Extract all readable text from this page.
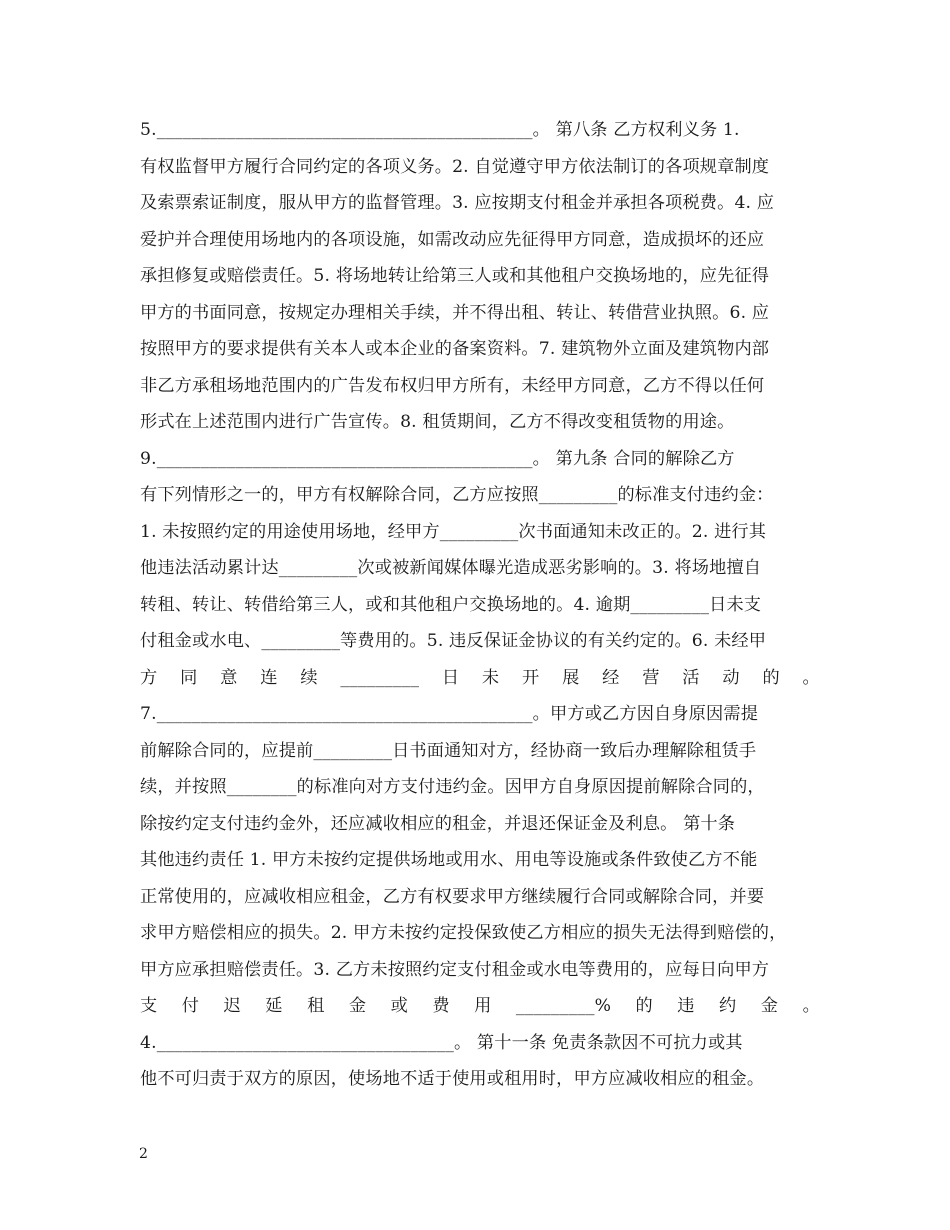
5.___________________________________________。 第八条 乙方权利义务 1.
有权监督甲方履行合同约定的各项义务。2. 自觉遵守甲方依法制订的各项规章制度
及索票索证制度，服从甲方的监督管理。3. 应按期支付租金并承担各项税费。4. 应
爱护并合理使用场地内的各项设施，如需改动应先征得甲方同意，造成损坏的还应
承担修复或赔偿责任。5. 将场地转让给第三人或和其他租户交换场地的，应先征得
甲方的书面同意，按规定办理相关手续，并不得出租、转让、转借营业执照。6. 应
按照甲方的要求提供有关本人或本企业的备案资料。7. 建筑物外立面及建筑物内部
非乙方承租场地范围内的广告发布权归甲方所有，未经甲方同意，乙方不得以任何
形式在上述范围内进行广告宣传。8. 租赁期间，乙方不得改变租赁物的用途。
9.___________________________________________。 第九条 合同的解除乙方
有下列情形之一的，甲方有权解除合同，乙方应按照_________的标准支付违约金：
1. 未按照约定的用途使用场地，经甲方_________次书面通知未改正的。2. 进行其
他违法活动累计达_________次或被新闻媒体曝光造成恶劣影响的。3. 将场地擅自
转租、转让、转借给第三人，或和其他租户交换场地的。4. 逾期_________日未支
付租金或水电、_________等费用的。5. 违反保证金协议的有关约定的。6. 未经甲
方 同 意 连 续 _________ 日 未 开 展 经 营 活 动 的 。
7.___________________________________________。甲方或乙方因自身原因需提
前解除合同的，应提前_________日书面通知对方，经协商一致后办理解除租赁手
续，并按照________的标准向对方支付违约金。因甲方自身原因提前解除合同的，
除按约定支付违约金外，还应减收相应的租金，并退还保证金及利息。 第十条
其他违约责任 1. 甲方未按约定提供场地或用水、用电等设施或条件致使乙方不能
正常使用的，应减收相应租金，乙方有权要求甲方继续履行合同或解除合同，并要
求甲方赔偿相应的损失。2. 甲方未按约定投保致使乙方相应的损失无法得到赔偿的，
甲方应承担赔偿责任。3. 乙方未按照约定支付租金或水电等费用的，应每日向甲方
支 付 迟 延 租 金 或 费 用 _________% 的 违 约 金 。
4.__________________________________。 第十一条 免责条款因不可抗力或其
他不可归责于双方的原因，使场地不适于使用或租用时，甲方应减收相应的租金。
2
